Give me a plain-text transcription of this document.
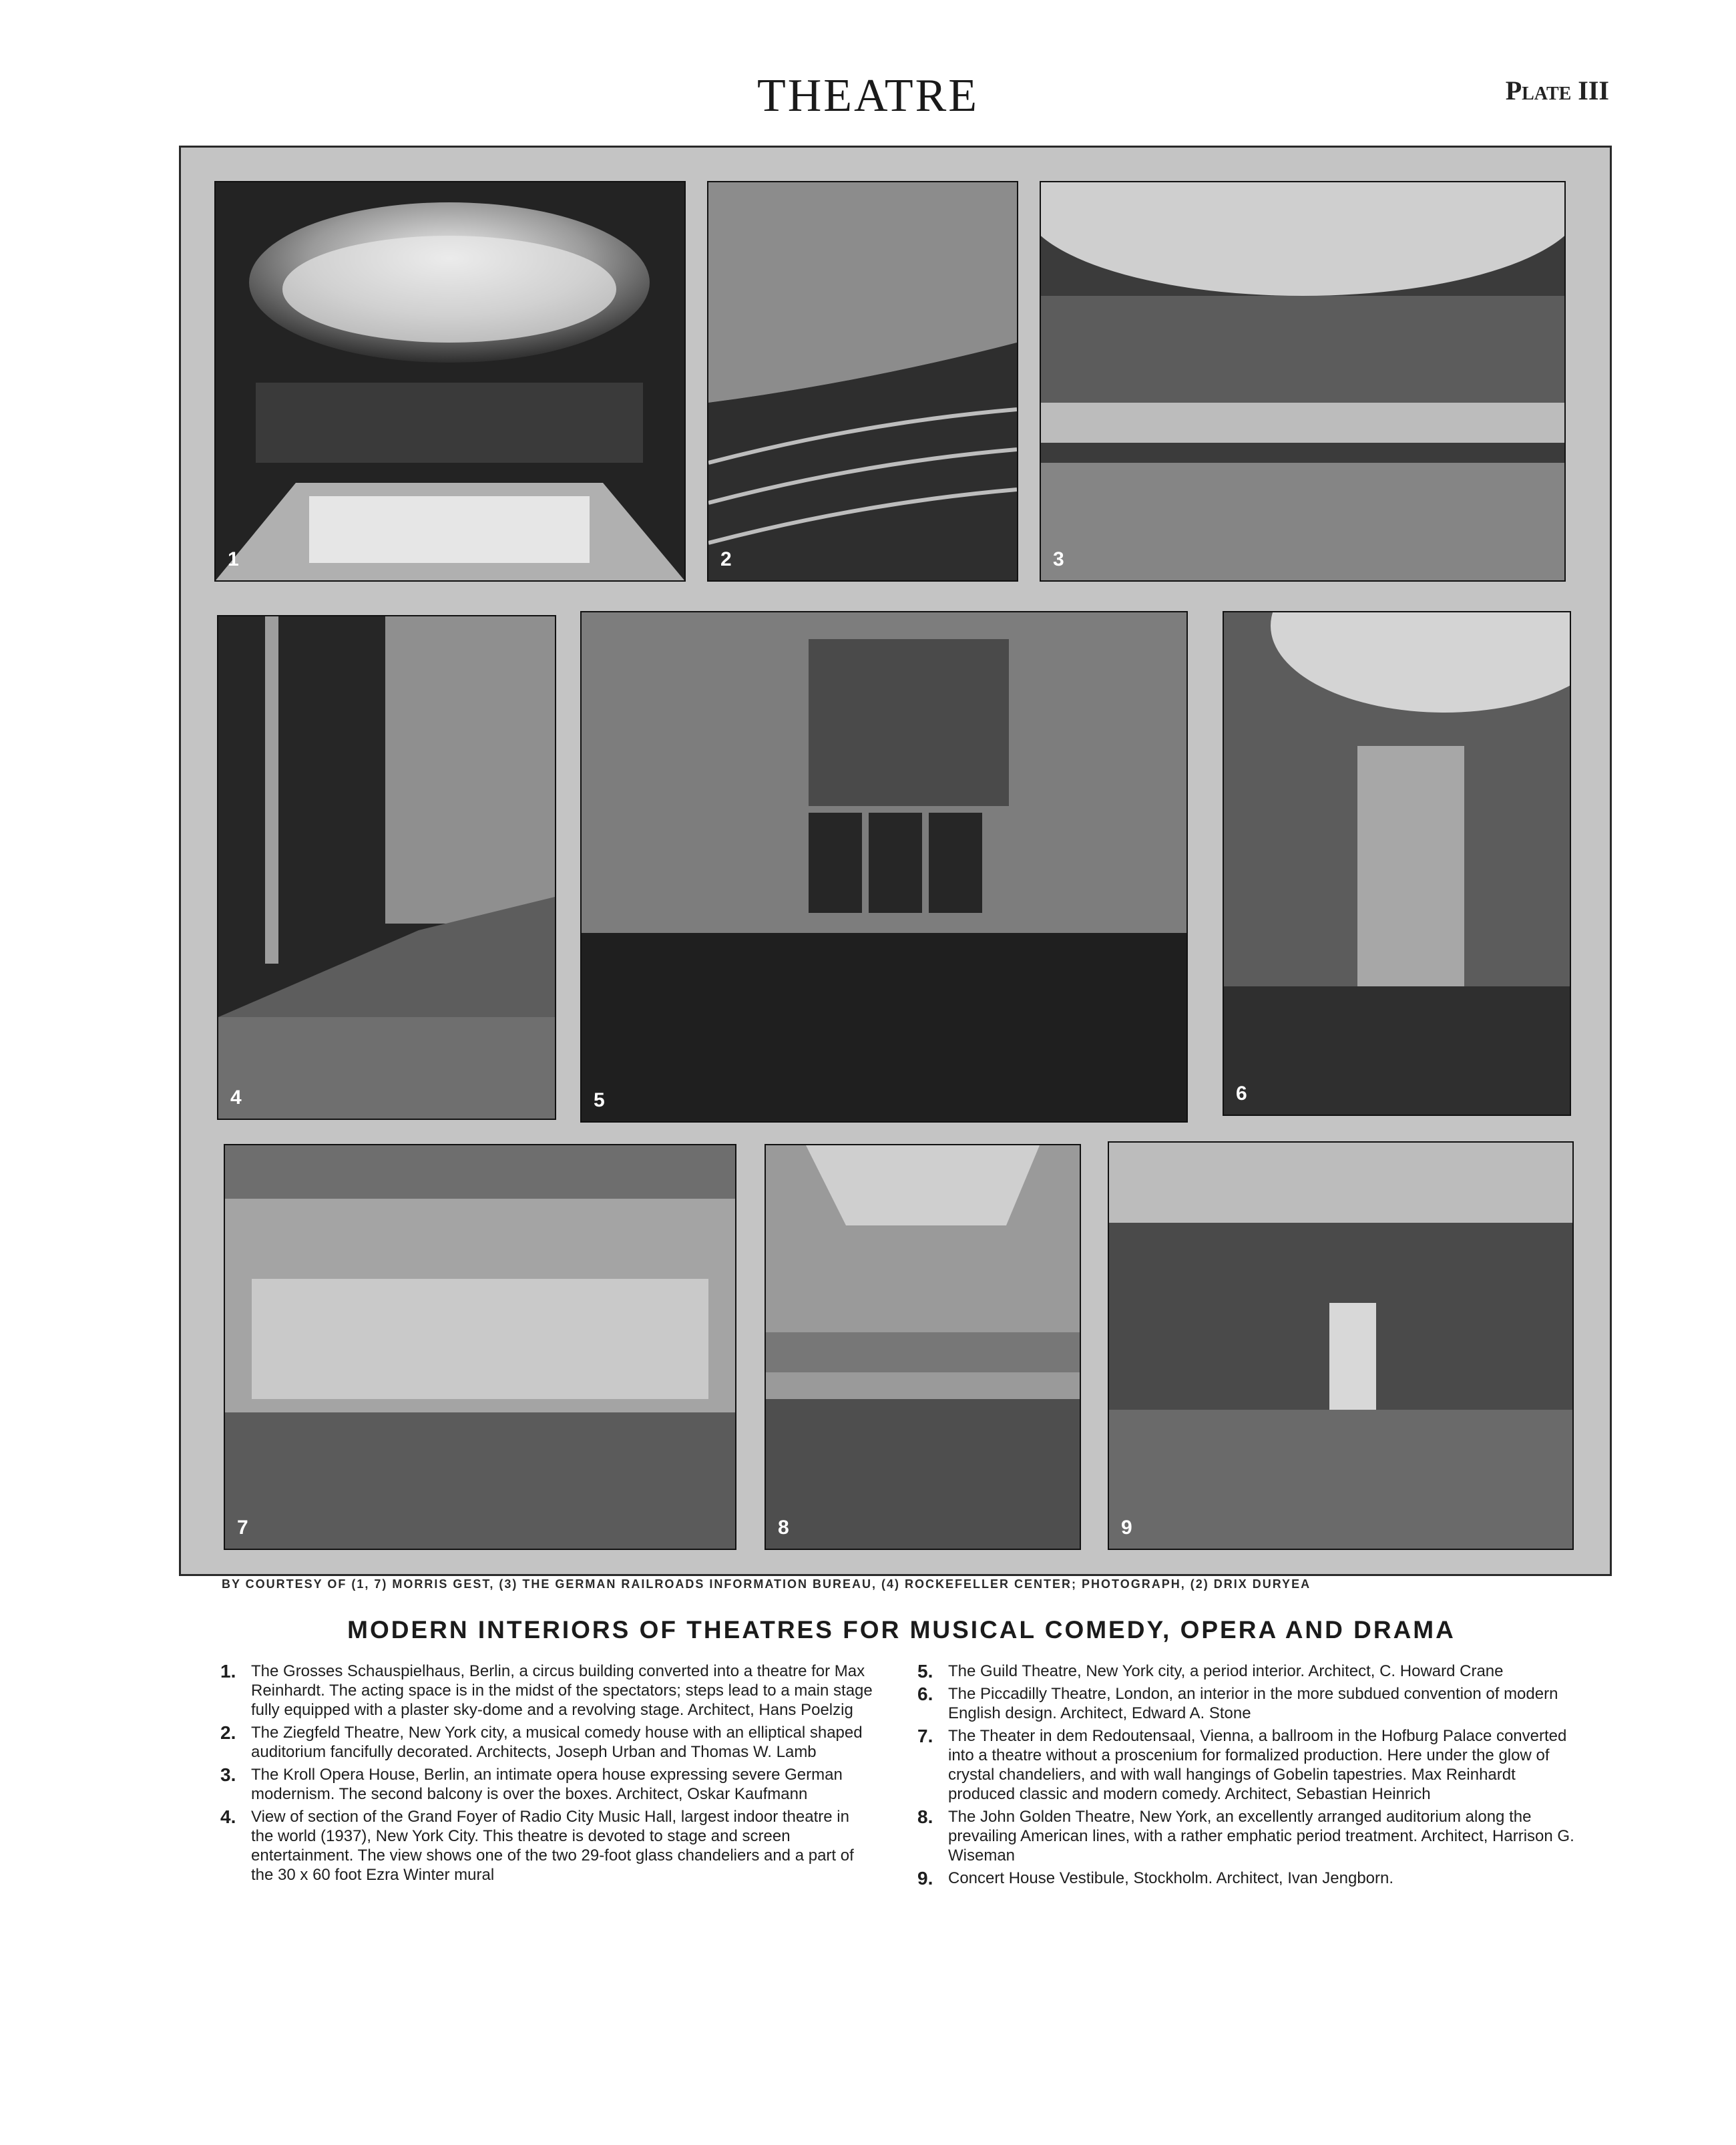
THEATRE	Plate III
1	2	3
4	5	6
7	8	9
BY COURTESY OF (1, 7) MORRIS GEST, (3) THE GERMAN RAILROADS INFORMATION BUREAU, (4) ROCKEFELLER CENTER; PHOTOGRAPH, (2) DRIX DURYEA
MODERN INTERIORS OF THEATRES FOR MUSICAL COMEDY, OPERA AND DRAMA
1. The Grosses Schauspielhaus, Berlin, a circus building converted into a theatre for Max Reinhardt. The acting space is in the midst of the spectators; steps lead to a main stage fully equipped with a plaster sky-dome and a revolving stage. Architect, Hans Poelzig
2. The Ziegfeld Theatre, New York city, a musical comedy house with an elliptical shaped auditorium fancifully decorated. Architects, Joseph Urban and Thomas W. Lamb
3. The Kroll Opera House, Berlin, an intimate opera house expressing severe German modernism. The second balcony is over the boxes. Architect, Oskar Kaufmann
4. View of section of the Grand Foyer of Radio City Music Hall, largest indoor theatre in the world (1937), New York City. This theatre is devoted to stage and screen entertainment. The view shows one of the two 29-foot glass chandeliers and a part of the 30 x 60 foot Ezra Winter mural
5. The Guild Theatre, New York city, a period interior. Architect, C. Howard Crane
6. The Piccadilly Theatre, London, an interior in the more subdued convention of modern English design. Architect, Edward A. Stone
7. The Theater in dem Redoutensaal, Vienna, a ballroom in the Hofburg Palace converted into a theatre without a proscenium for formalized production. Here under the glow of crystal chandeliers, and with wall hangings of Gobelin tapestries. Max Reinhardt produced classic and modern comedy. Architect, Sebastian Heinrich
8. The John Golden Theatre, New York, an excellently arranged auditorium along the prevailing American lines, with a rather emphatic period treatment. Architect, Harrison G. Wiseman
9. Concert House Vestibule, Stockholm. Architect, Ivan Jengborn.
